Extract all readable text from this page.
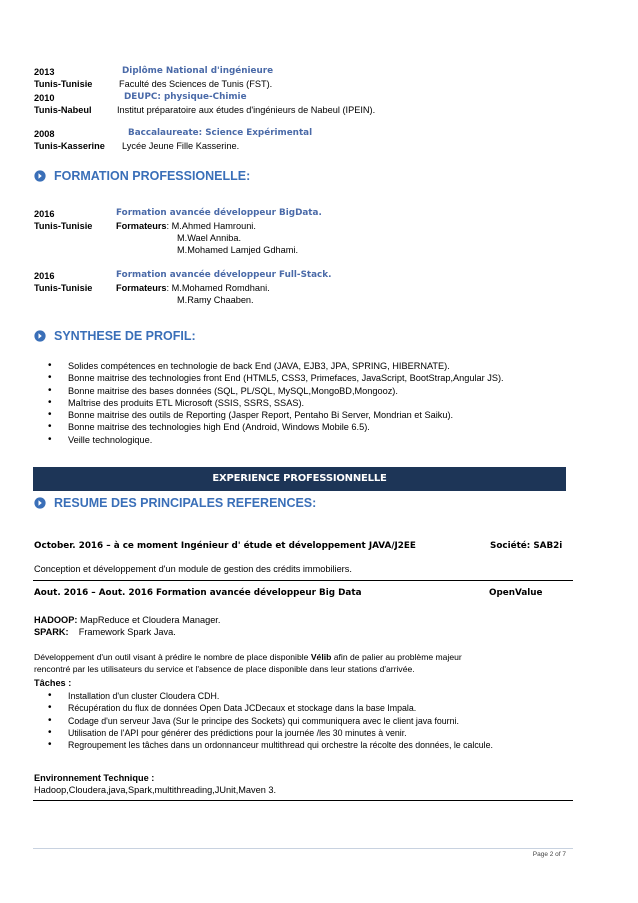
2013	Diplôme National d'ingénieure
Tunis-Tunisie	Faculté des Sciences de Tunis (FST).
2010	DEUPC: physique-Chimie
Tunis-Nabeul	Institut préparatoire aux études d'ingénieurs de Nabeul (IPEIN).
2008	Baccalaureate: Science Expérimental
Tunis-Kasserine Lycée Jeune Fille Kasserine.
FORMATION PROFESSIONELLE:
2016	Formation avancée développeur BigData.
Tunis-Tunisie	Formateurs: M.Ahmed Hamrouni.
M.Wael Anniba.
M.Mohamed Lamjed Gdhami.
2016	Formation avancée développeur Full-Stack.
Tunis-Tunisie	Formateurs: M.Mohamed Romdhani.
M.Ramy Chaaben.
SYNTHESE DE PROFIL:
• Solides compétences en technologie de back End (JAVA, EJB3, JPA, SPRING, HIBERNATE).
• Bonne maitrise des technologies front End (HTML5, CSS3, Primefaces, JavaScript, BootStrap,Angular JS).
• Bonne maitrise des bases données (SQL, PL/SQL, MySQL,MongoBD,Mongooz).
• Maîtrise des produits ETL Microsoft (SSIS, SSRS, SSAS).
• Bonne maitrise des outils de Reporting (Jasper Report, Pentaho Bi Server, Mondrian et Saiku).
• Bonne maitrise des technologies high End (Android, Windows Mobile 6.5).
• Veille technologique.
EXPERIENCE PROFESSIONNELLE
RESUME DES PRINCIPALES REFERENCES:
October. 2016 – à ce moment Ingénieur d' étude et développement JAVA/J2EE	Société: SAB2i
Conception et développement d'un module de gestion des crédits immobiliers.
Aout. 2016 – Aout. 2016 Formation avancée développeur Big Data	OpenValue
HADOOP: MapReduce et Cloudera Manager.
SPARK: Framework Spark Java.
Développement d'un outil visant à prédire le nombre de place disponible Vélib afin de palier au problème majeur
rencontré par les utilisateurs du service et l'absence de place disponible dans leur stations d'arrivée.
Tâches :
• Installation d'un cluster Cloudera CDH.
• Récupération du flux de données Open Data JCDecaux et stockage dans la base Impala.
• Codage d'un serveur Java (Sur le principe des Sockets) qui communiquera avec le client java fourni.
• Utilisation de l'API pour générer des prédictions pour la journée /les 30 minutes à venir.
• Regroupement les tâches dans un ordonnanceur multithread qui orchestre la récolte des données, le calcule.
Environnement Technique :
Hadoop,Cloudera,java,Spark,multithreading,JUnit,Maven 3.
Page 2 of 7
